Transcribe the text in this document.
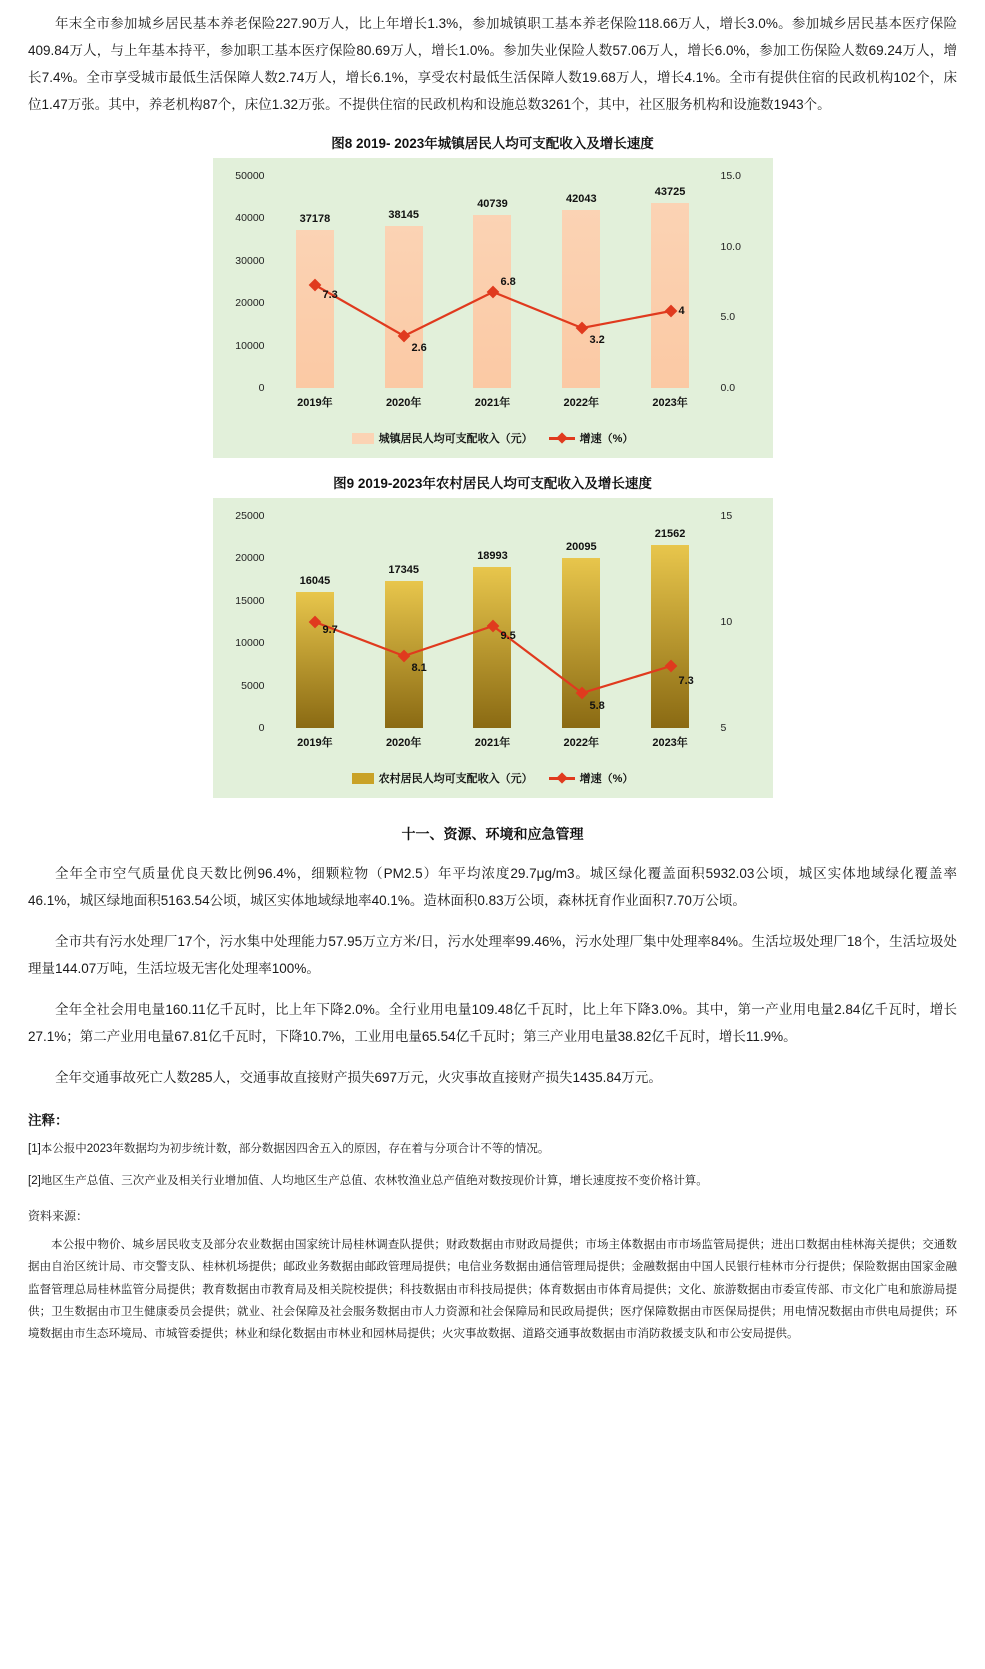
年末全市参加城乡居民基本养老保险227.90万人，比上年增长1.3%，参加城镇职工基本养老保险118.66万人，增长3.0%。参加城乡居民基本医疗保险409.84万人，与上年基本持平，参加职工基本医疗保险80.69万人，增长1.0%。参加失业保险人数57.06万人，增长6.0%，参加工伤保险人数69.24万人，增长7.4%。全市享受城市最低生活保障人数2.74万人，增长6.1%，享受农村最低生活保障人数19.68万人，增长4.1%。全市有提供住宿的民政机构102个，床位1.47万张。其中，养老机构87个，床位1.32万张。不提供住宿的民政机构和设施总数3261个，其中，社区服务机构和设施数1943个。

图8 2019- 2023年城镇居民人均可支配收入及增长速度
0
10000
20000
30000
40000
50000
0.0
5.0
10.0
15.0
37178	38145
40739	42043
43725
7.3
2.6
6.8
3.2
4
2019年	2020年	2021年	2022年	2023年
城镇居民人均可支配收入（元）	增速（%）
图9 2019-2023年农村居民人均可支配收入及增长速度
0
5000
10000
15000
20000
25000
5
10
15
16045
17345
18993
20095
21562
9.7
8.1
9.5
5.8
7.3
2019年	2020年	2021年	2022年	2023年
农村居民人均可支配收入（元）	增速（%）
十一、资源、环境和应急管理

全年全市空气质量优良天数比例96.4%，细颗粒物（PM2.5）年平均浓度29.7μg/m3。城区绿化覆盖面积5932.03公顷，城区实体地域绿化覆盖率46.1%，城区绿地面积5163.54公顷，城区实体地域绿地率40.1%。造林面积0.83万公顷，森林抚育作业面积7.70万公顷。

全市共有污水处理厂17个，污水集中处理能力57.95万立方米/日，污水处理率99.46%，污水处理厂集中处理率84%。生活垃圾处理厂18个，生活垃圾处理量144.07万吨，生活垃圾无害化处理率100%。

全年全社会用电量160.11亿千瓦时，比上年下降2.0%。全行业用电量109.48亿千瓦时，比上年下降3.0%。其中，第一产业用电量2.84亿千瓦时，增长27.1%；第二产业用电量67.81亿千瓦时，下降10.7%，工业用电量65.54亿千瓦时；第三产业用电量38.82亿千瓦时，增长11.9%。

全年交通事故死亡人数285人，交通事故直接财产损失697万元，火灾事故直接财产损失1435.84万元。

注释：

[1]本公报中2023年数据均为初步统计数，部分数据因四舍五入的原因，存在着与分项合计不等的情况。

[2]地区生产总值、三次产业及相关行业增加值、人均地区生产总值、农林牧渔业总产值绝对数按现价计算，增长速度按不变价格计算。

资料来源：

本公报中物价、城乡居民收支及部分农业数据由国家统计局桂林调查队提供；财政数据由市财政局提供；市场主体数据由市市场监管局提供；进出口数据由桂林海关提供；交通数据由自治区统计局、市交警支队、桂林机场提供；邮政业务数据由邮政管理局提供；电信业务数据由通信管理局提供；金融数据由中国人民银行桂林市分行提供；保险数据由国家金融监督管理总局桂林监管分局提供；教育数据由市教育局及相关院校提供；科技数据由市科技局提供；体育数据由市体育局提供；文化、旅游数据由市委宣传部、市文化广电和旅游局提供；卫生数据由市卫生健康委员会提供；就业、社会保障及社会服务数据由市人力资源和社会保障局和民政局提供；医疗保障数据由市医保局提供；用电情况数据由市供电局提供；环境数据由市生态环境局、市城管委提供；林业和绿化数据由市林业和园林局提供；火灾事故数据、道路交通事故数据由市消防救援支队和市公安局提供。
